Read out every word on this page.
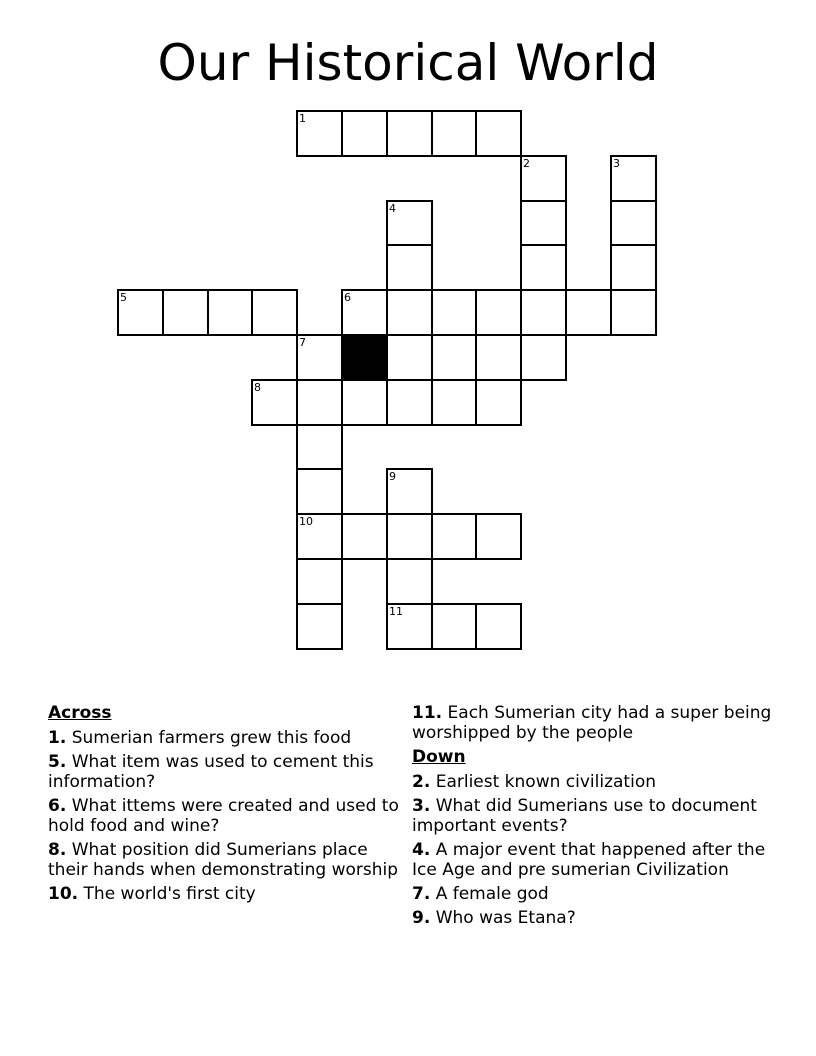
Our Historical World
1
2	3
4
5	6
7
8
9
10
11
Across
1. Sumerian farmers grew this food
5. What item was used to cement this information?
6. What ittems were created and used to hold food and wine?
8. What position did Sumerians place their hands when demonstrating worship
10. The world's first city
11. Each Sumerian city had a super being worshipped by the people
Down
2. Earliest known civilization
3. What did Sumerians use to document important events?
4. A major event that happened after the Ice Age and pre sumerian Civilization
7. A female god
9. Who was Etana?
